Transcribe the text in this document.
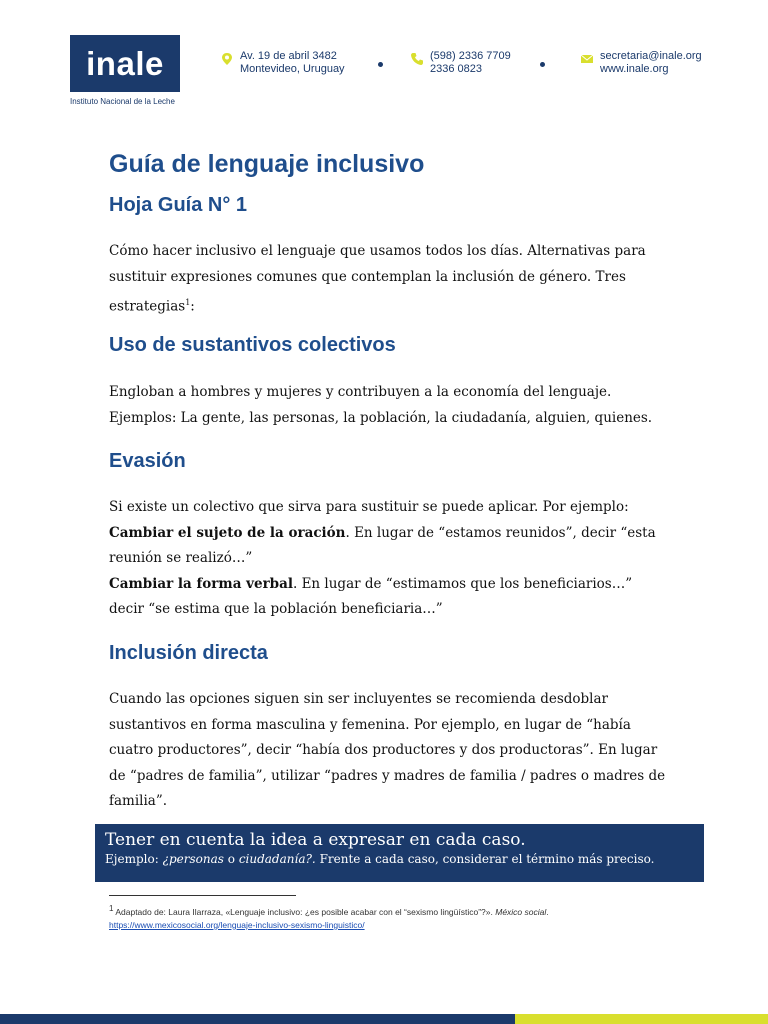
inale
Instituto Nacional de la Leche
Av. 19 de abril 3482
Montevideo, Uruguay
(598) 2336 7709
2336 0823
secretaria@inale.org
www.inale.org
Guía de lenguaje inclusivo
Hoja Guía N° 1

Cómo hacer inclusivo el lenguaje que usamos todos los días. Alternativas para sustituir expresiones comunes que contemplan la inclusión de género. Tres estrategias$^1$:

Uso de sustantivos colectivos

Engloban a hombres y mujeres y contribuyen a la economía del lenguaje. Ejemplos: La gente, las personas, la población, la ciudadanía, alguien, quienes.

Evasión

Si existe un colectivo que sirva para sustituir se puede aplicar. Por ejemplo:
Cambiar el sujeto de la oración. En lugar de “estamos reunidos”, decir “esta reunión se realizó…”
Cambiar la forma verbal. En lugar de “estimamos que los beneficiarios…” decir “se estima que la población beneficiaria…”

Inclusión directa

Cuando las opciones siguen sin ser incluyentes se recomienda desdoblar sustantivos en forma masculina y femenina. Por ejemplo, en lugar de “había cuatro productores”, decir “había dos productores y dos productoras”. En lugar de “padres de familia”, utilizar “padres y madres de familia / padres o madres de familia”.

Tener en cuenta la idea a expresar en cada caso.
Ejemplo: ¿personas o ciudadanía?. Frente a cada caso, considerar el término más preciso.
1 Adaptado de: Laura Ilarraza, «Lenguaje inclusivo: ¿es posible acabar con el “sexismo lingüístico”?». México social.
https://www.mexicosocial.org/lenguaje-inclusivo-sexismo-linguistico/
